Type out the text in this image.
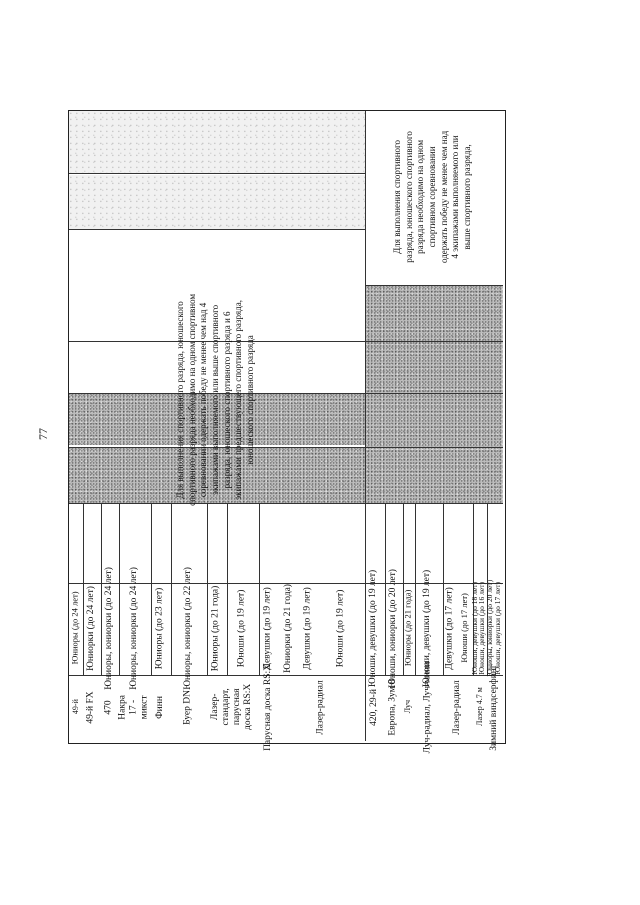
77
49-й 49-й FX 470 Накра 17 - микст Финн Буер DN Лазер-стандарт, парусная доска RS:X Парусная доска RS:X	Лазер-радиал	420, 29-й Европа, Зум 8 Луч Луч-радиал, Луч-мини Лазер-радиал Лазер 4.7 м Зимний виндсерфинг
Юниоры (до 24 лет) Юниорки (до 24 лет) Юниоры, юниорки (до 24 лет) Юниоры, юниорки (до 24 лет) Юниоры (до 23 лет) Юниоры, юниорки (до 22 лет) Юниоры (до 21 года) Юноши (до 19 лет) Девушки (до 19 лет) Юниорки (до 21 года) Девушки (до 19 лет) Юноши (до 19 лет) Юноши, девушки (до 19 лет) Юноши, юниорки (до 20 лет) Юниоры (до 21 года) Юноши, девушки (до 19 лет) Девушки (до 17 лет) Юноши (до 17 лет) Юноши, девушки (до 18 лет)
Юноши, девушки (до 16 лет)
Юниоры, юниорки (до 20 лет) Юноши, девушки (до 17 лет)
Для выполнения спортивного разряда, юношеского спортивного разряда необходимо на одном спортивном соревновании одержать победу не менее чем над 4 экипажами выполняемого или выше спортивного разряда, юношеского спортивного разряда и 6 экипажами предшествующего спортивного разряда, юношеского спортивного разряда
Для выполнения спортивного разряда, юношеского спортивного разряда необходимо на одном спортивном соревновании одержать победу не менее чем над 4 экипажами выполняемого или выше спортивного разряда,
